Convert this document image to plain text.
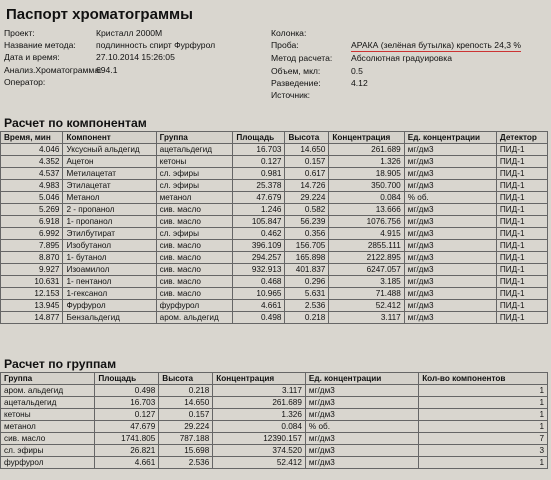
Паспорт хроматограммы
Проект:	Кристалл 2000М
Название метода:	подлинность спирт Фурфурол
Дата и время:	27.10.2014 15:26:05
Анализ.Хроматограмма:
694.1
Оператор:
Колонка:
Проба:	АРАКА (зелёная бутылка) крепость 24,3 %
Метод расчета:	Абсолютная градуировка
Объем, мкл:	0.5
Разведение:	4.12
Источник:
Расчет по компонентам
Время, мин	Компонент	Группа	Площадь	Высота	Концентрация	Ед. концентрации	Детектор
4.046	Уксусный альдегид	ацетальдегид	16.703	14.650	261.689	мг/дм3	ПИД-1
4.352	Ацетон	кетоны	0.127	0.157	1.326	мг/дм3	ПИД-1
4.537	Метилацетат	сл. эфиры	0.981	0.617	18.905	мг/дм3	ПИД-1
4.983	Этилацетат	сл. эфиры	25.378	14.726	350.700	мг/дм3	ПИД-1
5.046	Метанол	метанол	47.679	29.224	0.084	% об.	ПИД-1
5.269	2 - пропанол	сив. масло	1.246	0.582	13.666	мг/дм3	ПИД-1
6.918	1- пропанол	сив. масло	105.847	56.239	1076.756	мг/дм3	ПИД-1
6.992	Этилбутират	сл. эфиры	0.462	0.356	4.915	мг/дм3	ПИД-1
7.895	Изобутанол	сив. масло	396.109	156.705	2855.111	мг/дм3	ПИД-1
8.870	1- бутанол	сив. масло	294.257	165.898	2122.895	мг/дм3	ПИД-1
9.927	Изоамилол	сив. масло	932.913	401.837	6247.057	мг/дм3	ПИД-1
10.631	1- пентанол	сив. масло	0.468	0.296	3.185	мг/дм3	ПИД-1
12.153	1-гексанол	сив. масло	10.965	5.631	71.488	мг/дм3	ПИД-1
13.945	Фурфурол	фурфурол	4.661	2.536	52.412	мг/дм3	ПИД-1
14.877	Бензальдегид	аром. альдегид	0.498	0.218	3.117	мг/дм3	ПИД-1
Расчет по группам
Группа	Площадь	Высота	Концентрация	Ед. концентрации	Кол-во компонентов
аром. альдегид	0.498	0.218	3.117	мг/дм3	1
ацетальдегид	16.703	14.650	261.689	мг/дм3	1
кетоны	0.127	0.157	1.326	мг/дм3	1
метанол	47.679	29.224	0.084	% об.	1
сив. масло	1741.805	787.188	12390.157	мг/дм3	7
сл. эфиры	26.821	15.698	374.520	мг/дм3	3
фурфурол	4.661	2.536	52.412	мг/дм3	1
